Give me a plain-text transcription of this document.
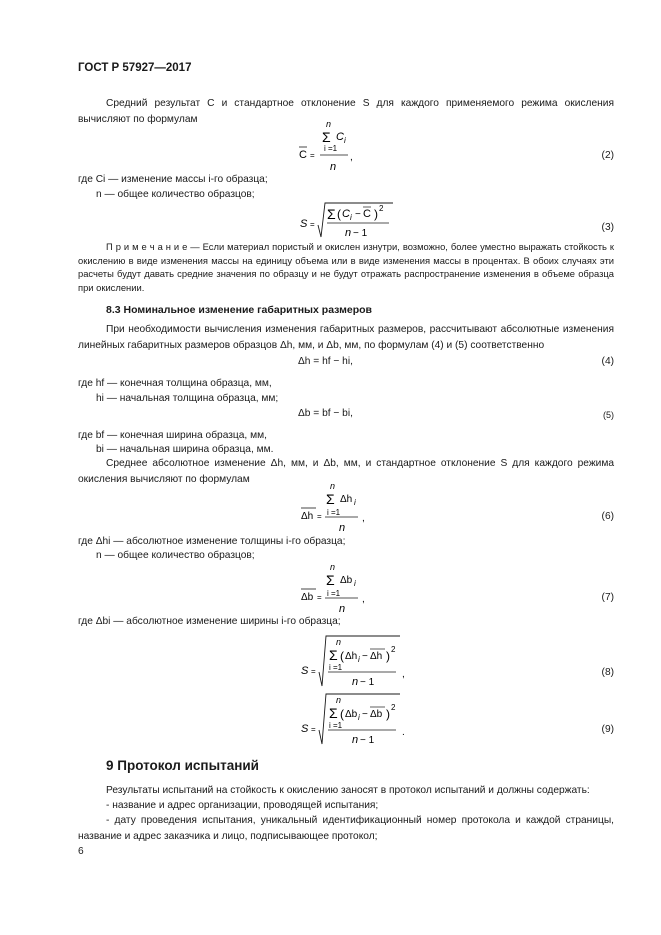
ГОСТ Р 57927—2017
Средний результат C и стандартное отклонение S для каждого применяемого режима окисления вычисляют по формулам	n
Σ C i
i =1
C =
n
,	(2)
где Ci — изменение массы i-го образца;
n — общее количество образцов;
S =
Σ ( C i − C ) 2
n − 1
(3)
П р и м е ч а н и е — Если материал пористый и окислен изнутри, возможно, более уместно выражать стойкость к окислению в виде изменения массы на единицу объема или в виде изменения массы в процентах. В обоих случаях эти расчеты будут давать средние значения по образцу и не будут отражать распространение изменения в объеме образца при окислении.
8.3 Номинальное изменение габаритных размеров
При необходимости вычисления изменения габаритных размеров, рассчитывают абсолютные изменения линейных габаритных размеров образцов Δh, мм, и Δb, мм, по формулам (4) и (5) соответственно
Δh = hf − hi,	(4)
где hf — конечная толщина образца, мм,
hi — начальная толщина образца, мм;
Δb = bf − bi,	(5)
где bf — конечная ширина образца, мм,
bi — начальная ширина образца, мм.
Среднее абсолютное изменение Δh, мм, и Δb, мм, и стандартное отклонение S для каждого режима окисления вычисляют по формулам
n
Σ Δh i
i =1
Δh =
n
,	(6)
где Δhi — абсолютное изменение толщины i-го образца;
n — общее количество образцов;
n
Σ Δb i
i =1
Δb =
n
,	(7)
где Δbi — абсолютное изменение ширины i-го образца;
S =
n
Σ ( Δh i − Δh ) 2
i =1
n − 1
,	(8)
S =
n
Σ ( Δb i − Δb ) 2
i =1
n − 1
.	(9)
9 Протокол испытаний
Результаты испытаний на стойкость к окислению заносят в протокол испытаний и должны содержать:
- название и адрес организации, проводящей испытания;
- дату проведения испытания, уникальный идентификационный номер протокола и каждой страницы, название и адрес заказчика и лицо, подписывающее протокол;
6
